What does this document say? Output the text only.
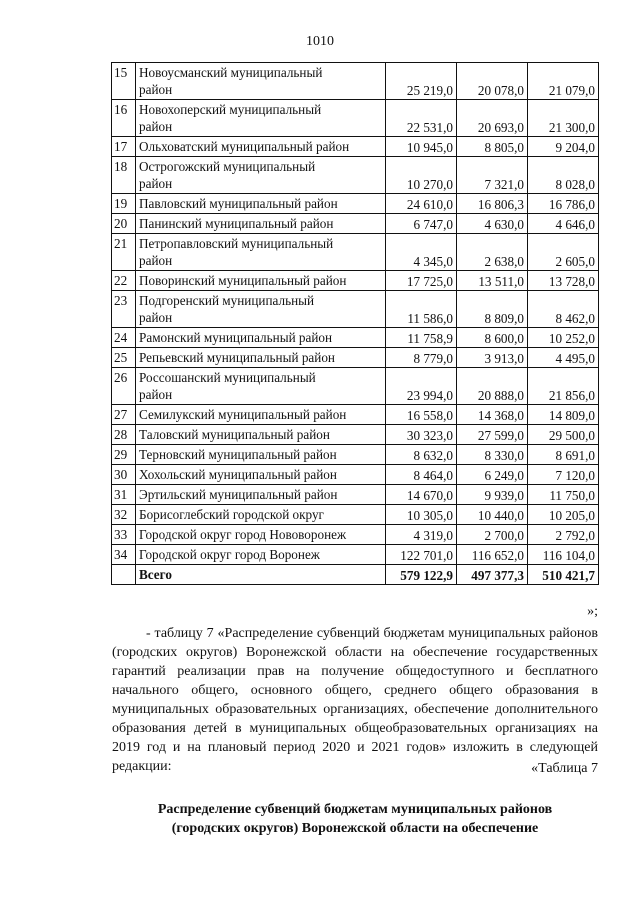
1010
15	Новоусманский муниципальный
район	25 219,0	20 078,0	21 079,0
16	Новохоперский муниципальный
район	22 531,0	20 693,0	21 300,0
17	Ольховатский муниципальный район	10 945,0	8 805,0	9 204,0
18	Острогожский муниципальный
район	10 270,0	7 321,0	8 028,0
19	Павловский муниципальный район	24 610,0	16 806,3	16 786,0
20	Панинский муниципальный район	6 747,0	4 630,0	4 646,0
21	Петропавловский муниципальный
район	4 345,0	2 638,0	2 605,0
22	Поворинский муниципальный район	17 725,0	13 511,0	13 728,0
23	Подгоренский муниципальный
район	11 586,0	8 809,0	8 462,0
24	Рамонский муниципальный район	11 758,9	8 600,0	10 252,0
25	Репьевский муниципальный район	8 779,0	3 913,0	4 495,0
26	Россошанский муниципальный
район	23 994,0	20 888,0	21 856,0
27	Семилукский муниципальный район	16 558,0	14 368,0	14 809,0
28	Таловский муниципальный район	30 323,0	27 599,0	29 500,0
29	Терновский муниципальный район	8 632,0	8 330,0	8 691,0
30	Хохольский муниципальный район	8 464,0	6 249,0	7 120,0
31	Эртильский муниципальный район	14 670,0	9 939,0	11 750,0
32	Борисоглебский городской округ	10 305,0	10 440,0	10 205,0
33	Городской округ город Нововоронеж	4 319,0	2 700,0	2 792,0
34	Городской округ город Воронеж	122 701,0	116 652,0	116 104,0
	Всего	579 122,9	497 377,3	510 421,7
»;

- таблицу 7 «Распределение субвенций бюджетам муниципальных районов (городских округов) Воронежской области на обеспечение государственных гарантий реализации прав на получение общедоступного и бесплатного начального общего, основного общего, среднего общего образования в муниципальных образовательных организациях, обеспечение дополнительного образования детей в муниципальных общеобразовательных организациях на 2019 год и на плановый период 2020 и 2021 годов» изложить в следующей редакции:	«Таблица 7
Распределение субвенций бюджетам муниципальных районов
(городских округов) Воронежской области на обеспечение
